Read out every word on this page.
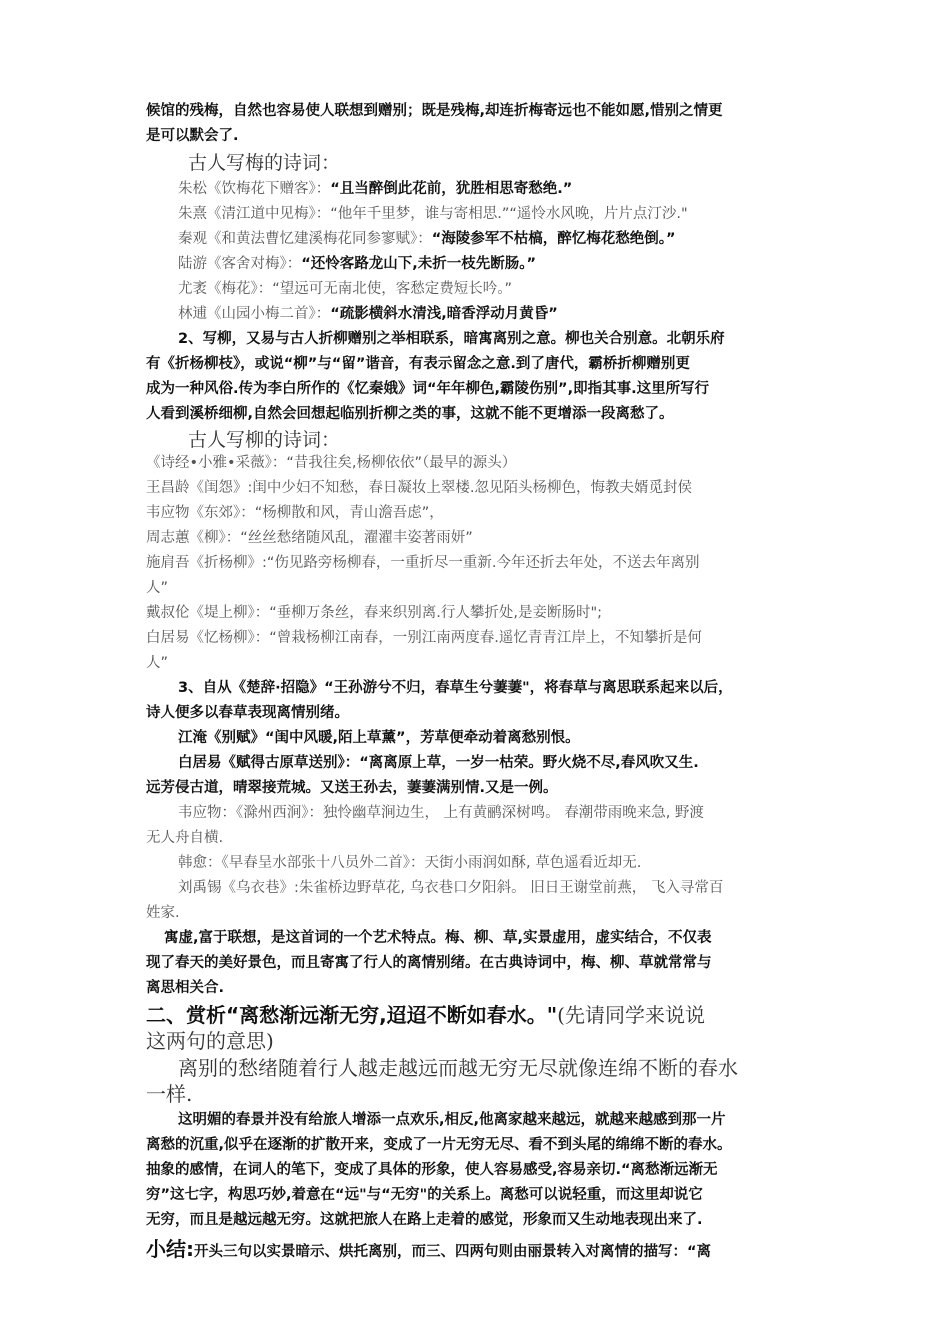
候馆的残梅，自然也容易使人联想到赠别；既是残梅,却连折梅寄远也不能如愿,惜别之情更
是可以默会了.
古人写梅的诗词：
朱松《饮梅花下赠客》：“且当醉倒此花前，犹胜相思寄愁绝.”
朱熹《清江道中见梅》：“他年千里梦，谁与寄相思.”“遥怜水风晚，片片点汀沙."
秦观《和黄法曹忆建溪梅花同参寥赋》：“海陵参军不枯槁，醉忆梅花愁绝倒。”
陆游《客舍对梅》：“还怜客路龙山下,未折一枝先断肠。”
尤袤《梅花》：“望远可无南北使，客愁定费短长吟。”
林逋《山园小梅二首》：“疏影横斜水清浅,暗香浮动月黄昏”
2、写柳，又易与古人折柳赠别之举相联系，暗寓离别之意。柳也关合别意。北朝乐府
有《折杨柳枝》，或说“柳”与“留”谐音，有表示留念之意.到了唐代，霸桥折柳赠别更
成为一种风俗.传为李白所作的《忆秦娥》词“年年柳色,霸陵伤别”,即指其事.这里所写行
人看到溪桥细柳,自然会回想起临别折柳之类的事，这就不能不更增添一段离愁了。
古人写柳的诗词：
《诗经•小雅•采薇》：“昔我往矣,杨柳依依”（最早的源头）
王昌龄《闺怨》:闺中少妇不知愁，春日凝妆上翠楼.忽见陌头杨柳色，悔教夫婿觅封侯
韦应物《东郊》：“杨柳散和风，青山澹吾虑”，
周志蕙《柳》：“丝丝愁绪随风乱，濯濯丰姿著雨妍”
施肩吾《折杨柳》:“伤见路旁杨柳春，一重折尽一重新.今年还折去年处，不送去年离别
人”
戴叔伦《堤上柳》：“垂柳万条丝，春来织别离.行人攀折处,是妾断肠时";
白居易《忆杨柳》：“曾栽杨柳江南春，一别江南两度春.遥忆青青江岸上，不知攀折是何
人”
3、自从《楚辞·招隐》“王孙游兮不归，春草生兮萋萋"，将春草与离思联系起来以后，
诗人便多以春草表现离情别绪。
江淹《别赋》“闺中风暖,陌上草薰”，芳草便牵动着离愁别恨。
白居易《赋得古原草送别》：“离离原上草，一岁一枯荣。野火烧不尽,春风吹又生.
远芳侵古道，晴翠接荒城。又送王孙去，萋萋满别情.又是一例。
韦应物：《滁州西涧》：独怜幽草涧边生， 上有黄鹂深树鸣。 春潮带雨晚来急, 野渡
无人舟自横.
韩愈：《早春呈水部张十八员外二首》：天街小雨润如酥, 草色遥看近却无.
刘禹锡《乌衣巷》:朱雀桥边野草花, 乌衣巷口夕阳斜。 旧日王谢堂前燕， 飞入寻常百
姓家.
寓虚,富于联想，是这首词的一个艺术特点。梅、柳、草,实景虚用，虚实结合，不仅表
现了春天的美好景色，而且寄寓了行人的离情别绪。在古典诗词中，梅、柳、草就常常与
离思相关合.
二、赏析“离愁渐远渐无穷,迢迢不断如春水。"(先请同学来说说
这两句的意思)
离别的愁绪随着行人越走越远而越无穷无尽就像连绵不断的春水
一样.
这明媚的春景并没有给旅人增添一点欢乐,相反,他离家越来越远，就越来越感到那一片
离愁的沉重,似乎在逐渐的扩散开来，变成了一片无穷无尽、看不到头尾的绵绵不断的春水。
抽象的感情，在词人的笔下，变成了具体的形象，使人容易感受,容易亲切.“离愁渐远渐无
穷”这七字，构思巧妙,着意在“远"与“无穷"的关系上。离愁可以说轻重，而这里却说它
无穷，而且是越远越无穷。这就把旅人在路上走着的感觉，形象而又生动地表现出来了.
小结:开头三句以实景暗示、烘托离别，而三、四两句则由丽景转入对离情的描写：“离
